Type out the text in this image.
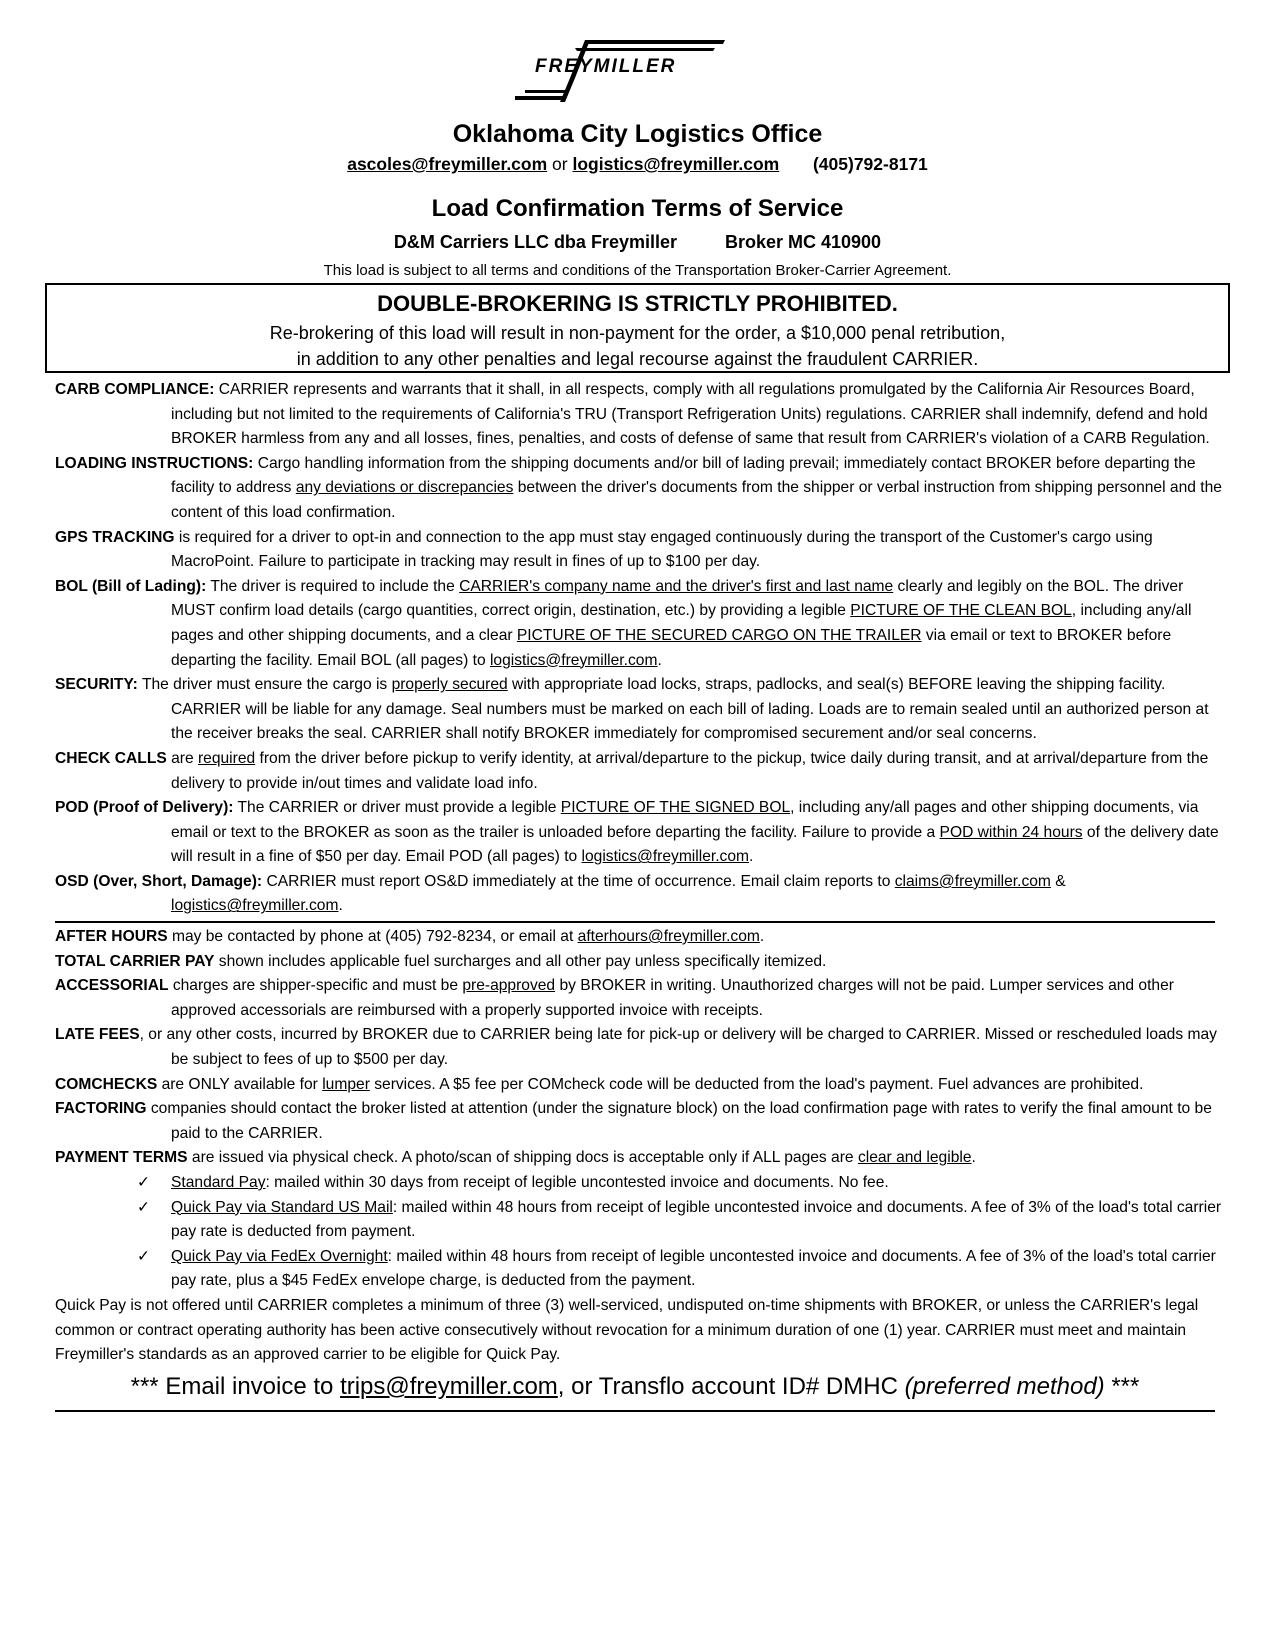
FREYMILLER
Oklahoma City Logistics Office
ascoles@freymiller.com or logistics@freymiller.com (405)792-8171
Load Confirmation Terms of Service
D&M Carriers LLC dba Freymiller	Broker MC 410900
This load is subject to all terms and conditions of the Transportation Broker-Carrier Agreement.
DOUBLE-BROKERING IS STRICTLY PROHIBITED.
Re-brokering of this load will result in non-payment for the order, a $10,000 penal retribution,
in addition to any other penalties and legal recourse against the fraudulent CARRIER.

CARB COMPLIANCE: CARRIER represents and warrants that it shall, in all respects, comply with all regulations promulgated by the California Air Resources Board, including but not limited to the requirements of California's TRU (Transport Refrigeration Units) regulations. CARRIER shall indemnify, defend and hold BROKER harmless from any and all losses, fines, penalties, and costs of defense of same that result from CARRIER's violation of a CARB Regulation.

LOADING INSTRUCTIONS: Cargo handling information from the shipping documents and/or bill of lading prevail; immediately contact BROKER before departing the facility to address any deviations or discrepancies between the driver's documents from the shipper or verbal instruction from shipping personnel and the content of this load confirmation.

GPS TRACKING is required for a driver to opt-in and connection to the app must stay engaged continuously during the transport of the Customer's cargo using MacroPoint. Failure to participate in tracking may result in fines of up to $100 per day.

BOL (Bill of Lading): The driver is required to include the CARRIER's company name and the driver's first and last name clearly and legibly on the BOL. The driver MUST confirm load details (cargo quantities, correct origin, destination, etc.) by providing a legible PICTURE OF THE CLEAN BOL, including any/all pages and other shipping documents, and a clear PICTURE OF THE SECURED CARGO ON THE TRAILER via email or text to BROKER before departing the facility. Email BOL (all pages) to logistics@freymiller.com.

SECURITY: The driver must ensure the cargo is properly secured with appropriate load locks, straps, padlocks, and seal(s) BEFORE leaving the shipping facility. CARRIER will be liable for any damage. Seal numbers must be marked on each bill of lading. Loads are to remain sealed until an authorized person at the receiver breaks the seal. CARRIER shall notify BROKER immediately for compromised securement and/or seal concerns.

CHECK CALLS are required from the driver before pickup to verify identity, at arrival/departure to the pickup, twice daily during transit, and at arrival/departure from the delivery to provide in/out times and validate load info.

POD (Proof of Delivery): The CARRIER or driver must provide a legible PICTURE OF THE SIGNED BOL, including any/all pages and other shipping documents, via email or text to the BROKER as soon as the trailer is unloaded before departing the facility. Failure to provide a POD within 24 hours of the delivery date will result in a fine of $50 per day. Email POD (all pages) to logistics@freymiller.com.

OSD (Over, Short, Damage): CARRIER must report OS&D immediately at the time of occurrence. Email claim reports to claims@freymiller.com & logistics@freymiller.com.

AFTER HOURS may be contacted by phone at (405) 792-8234, or email at afterhours@freymiller.com.

TOTAL CARRIER PAY shown includes applicable fuel surcharges and all other pay unless specifically itemized.

ACCESSORIAL charges are shipper-specific and must be pre-approved by BROKER in writing. Unauthorized charges will not be paid. Lumper services and other approved accessorials are reimbursed with a properly supported invoice with receipts.

LATE FEES, or any other costs, incurred by BROKER due to CARRIER being late for pick-up or delivery will be charged to CARRIER. Missed or rescheduled loads may be subject to fees of up to $500 per day.

COMCHECKS are ONLY available for lumper services. A $5 fee per COMcheck code will be deducted from the load's payment. Fuel advances are prohibited.

FACTORING companies should contact the broker listed at attention (under the signature block) on the load confirmation page with rates to verify the final amount to be paid to the CARRIER.

PAYMENT TERMS are issued via physical check. A photo/scan of shipping docs is acceptable only if ALL pages are clear and legible.

✓ Standard Pay: mailed within 30 days from receipt of legible uncontested invoice and documents. No fee.

✓ Quick Pay via Standard US Mail: mailed within 48 hours from receipt of legible uncontested invoice and documents. A fee of 3% of the load's total carrier pay rate is deducted from payment.

✓ Quick Pay via FedEx Overnight: mailed within 48 hours from receipt of legible uncontested invoice and documents. A fee of 3% of the load's total carrier pay rate, plus a $45 FedEx envelope charge, is deducted from the payment.

Quick Pay is not offered until CARRIER completes a minimum of three (3) well-serviced, undisputed on-time shipments with BROKER, or unless the CARRIER's legal common or contract operating authority has been active consecutively without revocation for a minimum duration of one (1) year. CARRIER must meet and maintain Freymiller's standards as an approved carrier to be eligible for Quick Pay.

*** Email invoice to trips@freymiller.com, or Transflo account ID# DMHC (preferred method) ***
